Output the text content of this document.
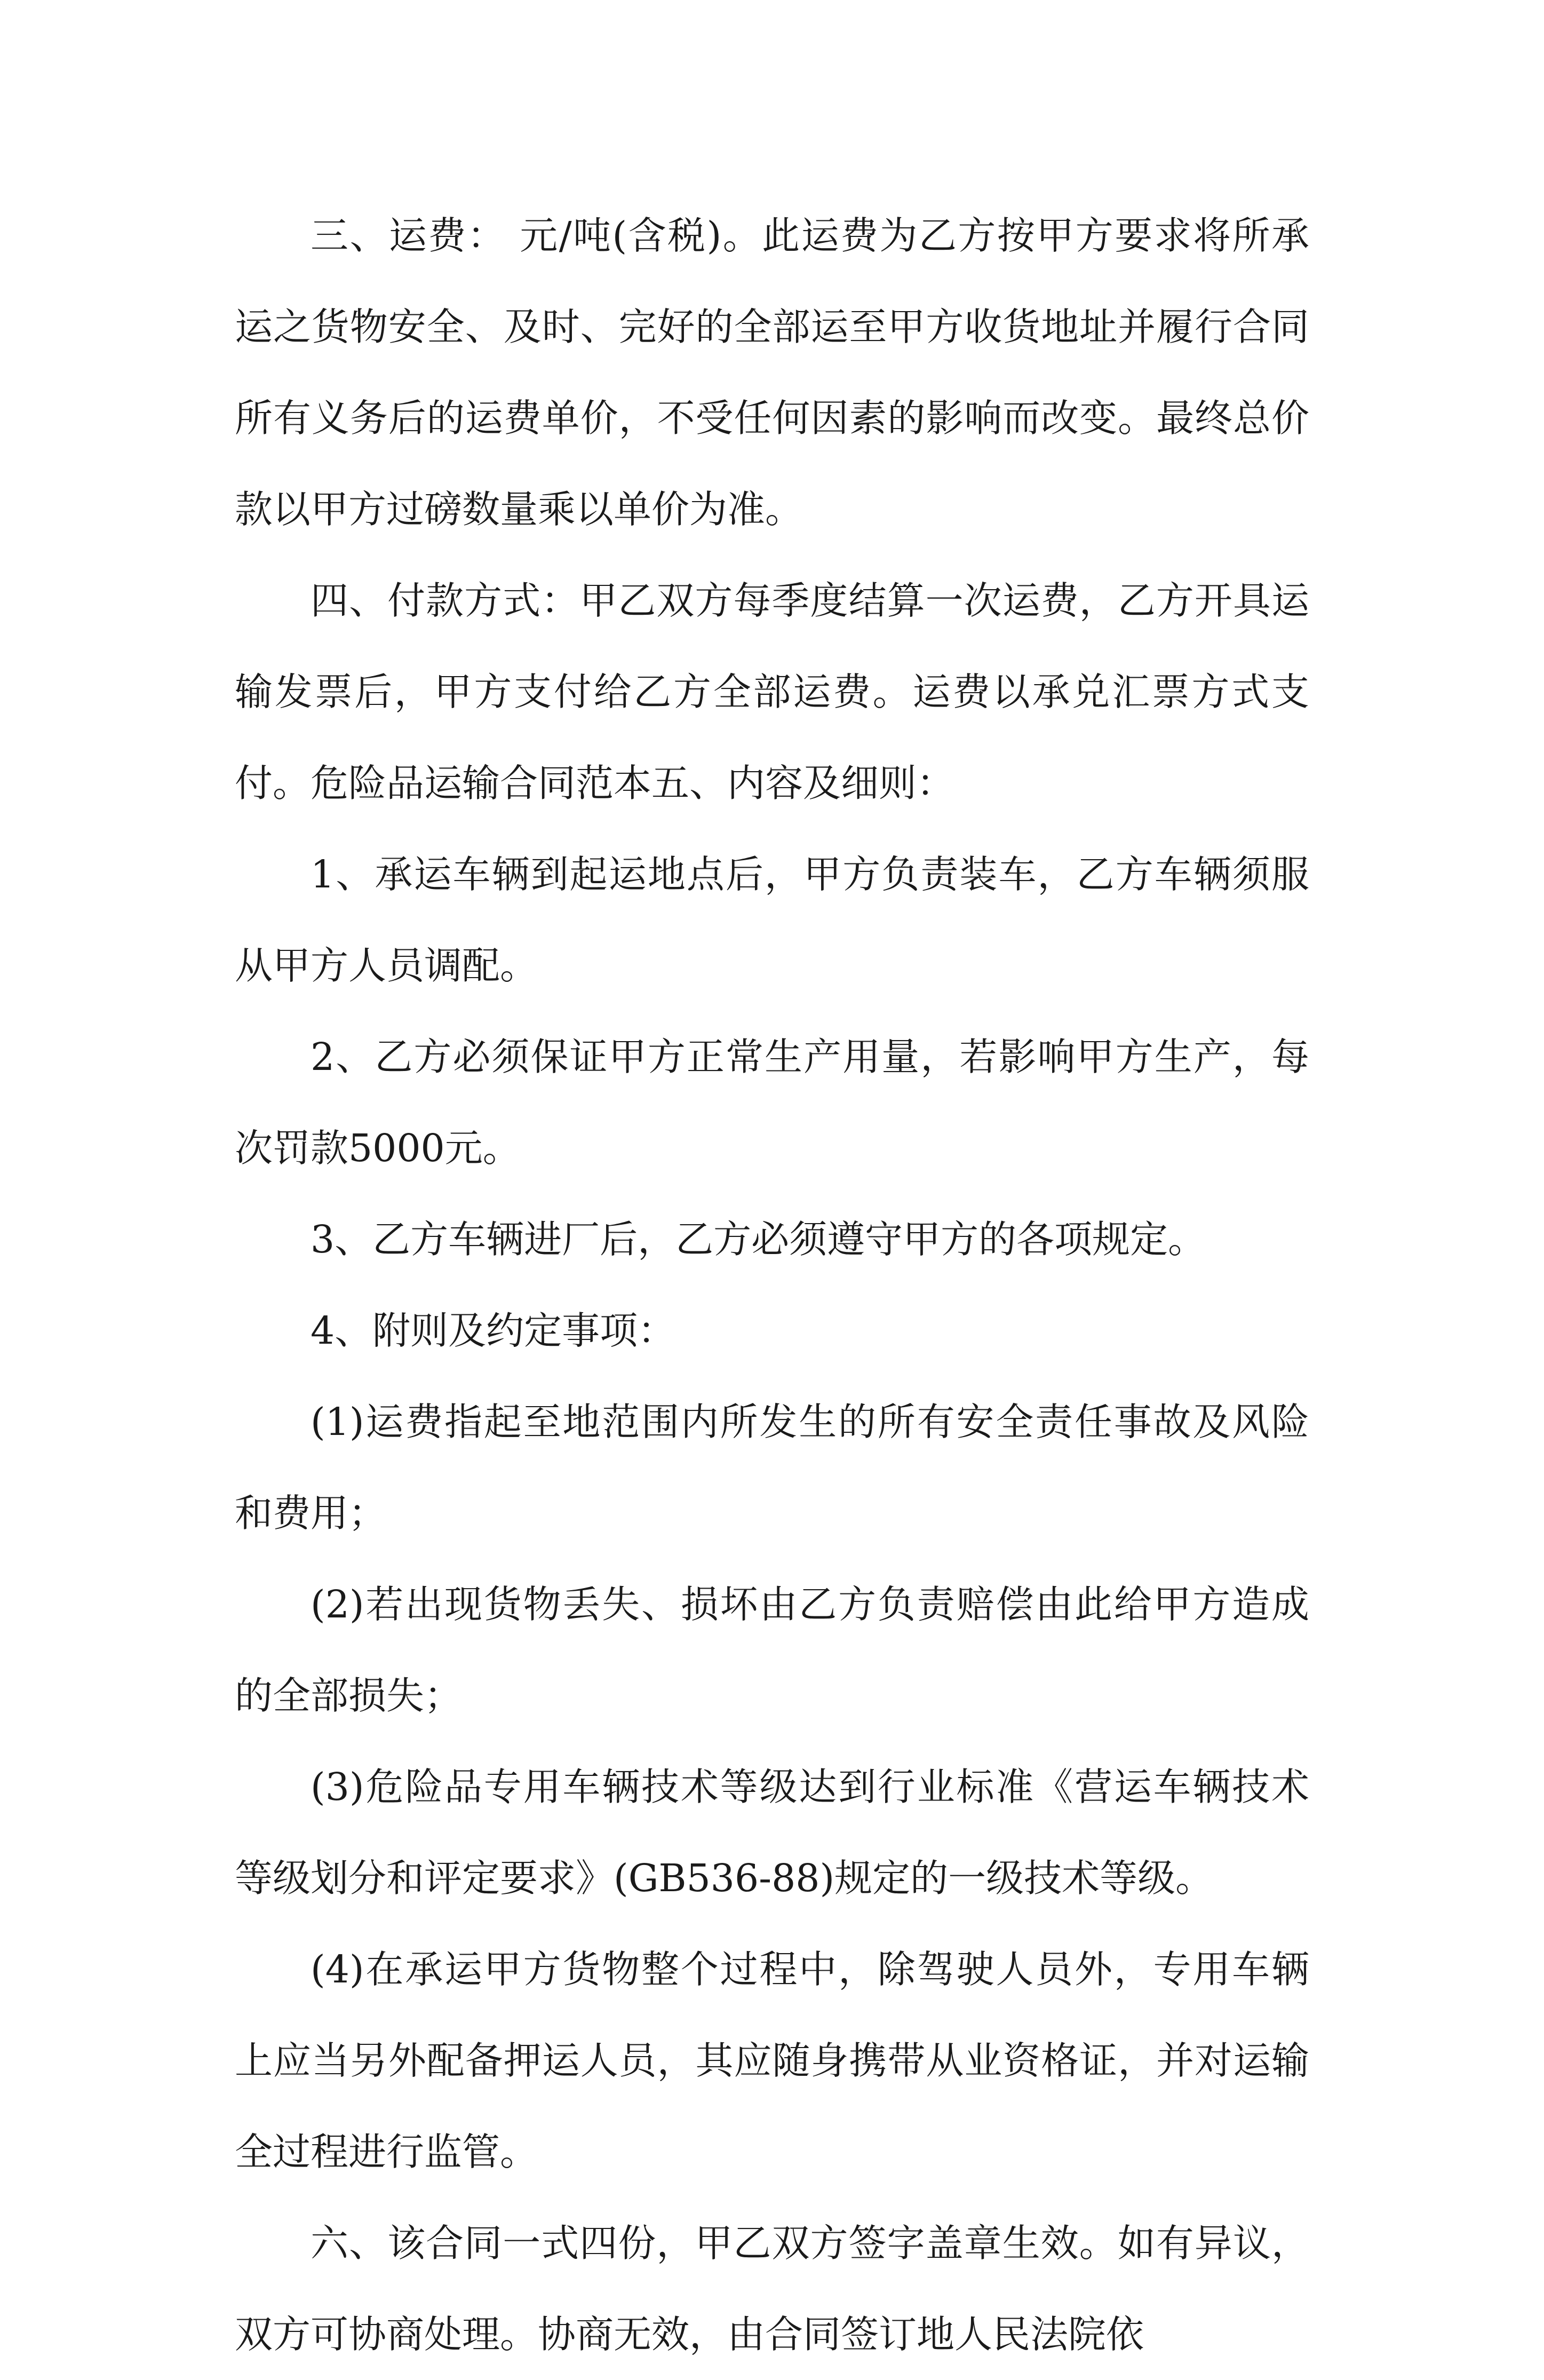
三、运费： 元/吨(含税)。此运费为乙方按甲方要求将所承运之货物安全、及时、完好的全部运至甲方收货地址并履行合同所有义务后的运费单价，不受任何因素的影响而改变。最终总价款以甲方过磅数量乘以单价为准。

四、付款方式：甲乙双方每季度结算一次运费，乙方开具运输发票后，甲方支付给乙方全部运费。运费以承兑汇票方式支付。危险品运输合同范本五、内容及细则：

1、承运车辆到起运地点后，甲方负责装车，乙方车辆须服从甲方人员调配。

2、乙方必须保证甲方正常生产用量，若影响甲方生产，每次罚款5000元。

3、乙方车辆进厂后，乙方必须遵守甲方的各项规定。

4、附则及约定事项：

(1)运费指起至地范围内所发生的所有安全责任事故及风险和费用；

(2)若出现货物丢失、损坏由乙方负责赔偿由此给甲方造成的全部损失；

(3)危险品专用车辆技术等级达到行业标准《营运车辆技术等级划分和评定要求》(GB536-88)规定的一级技术等级。

(4)在承运甲方货物整个过程中，除驾驶人员外，专用车辆上应当另外配备押运人员，其应随身携带从业资格证，并对运输全过程进行监管。

六、该合同一式四份，甲乙双方签字盖章生效。如有异议，双方可协商处理。协商无效，由合同签订地人民法院依
